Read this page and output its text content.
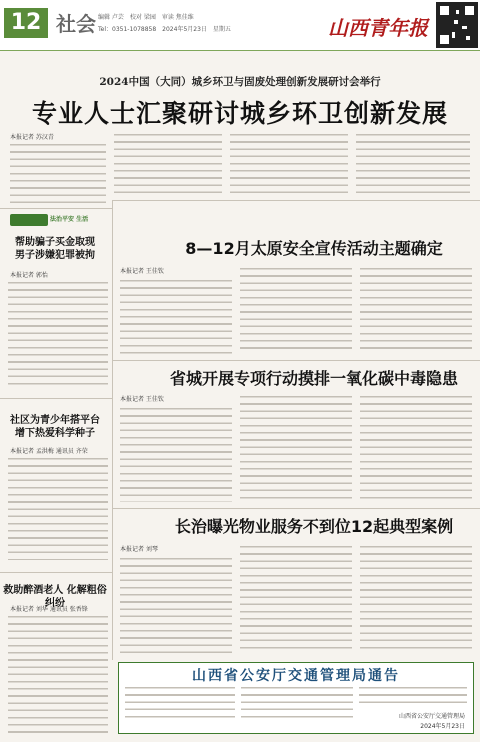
12 社会 编辑 卢芸 校对 梁园 审读 焦佳维
Tel：0351-1078858 2024年5月23日 星期五	山西青年报
2024中国（大同）城乡环卫与固废处理创新发展研讨会举行
专业人士汇聚研讨城乡环卫创新发展
本报记者 苏汉青
法治平安 生活
帮助骗子买金取现
男子涉嫌犯罪被拘
本报记者 郭怡
社区为青少年搭平台
增下热爱科学种子
本报记者 孟洪梅 通讯员 齐荣
救助醉酒老人 化解粗俗纠纷
本报记者 刘华 通讯员 张香锋
8—12月太原安全宣传活动主题确定
本报记者 王佳钦
省城开展专项行动摸排一氧化碳中毒隐患
本报记者 王佳钦
长治曝光物业服务不到位12起典型案例
本报记者 刘琴
山西省公安厅交通管理局通告
山西省公安厅交通管理局
2024年5月23日
